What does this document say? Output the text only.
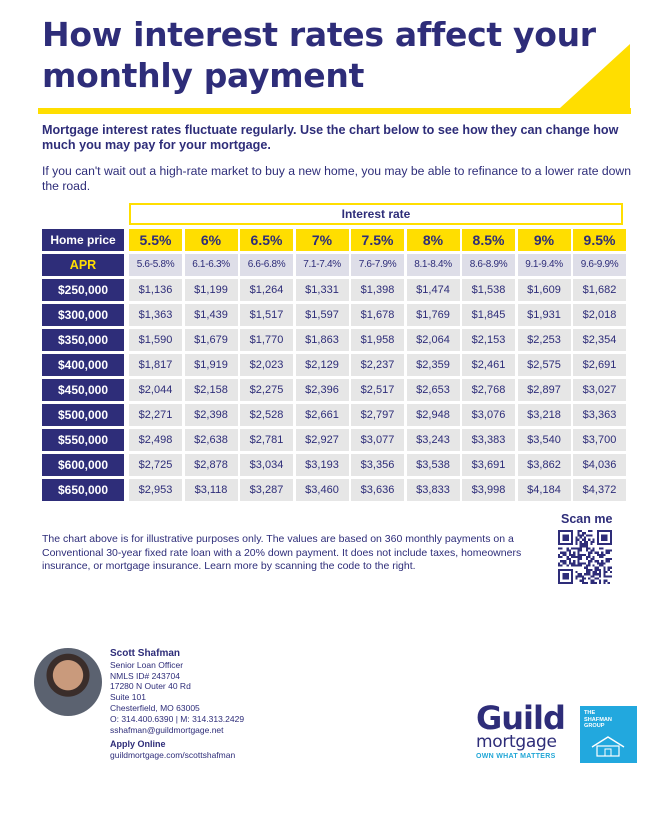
How interest rates affect your monthly payment
Mortgage interest rates fluctuate regularly. Use the chart below to see how they can change how much you may pay for your mortgage.
If you can't wait out a high-rate market to buy a new home, you may be able to refinance to a lower rate down the road.
Interest rate
Home price	5.5%	6%	6.5%	7%	7.5%	8%	8.5%	9%	9.5%
APR	5.6-5.8%	6.1-6.3%	6.6-6.8%	7.1-7.4%	7.6-7.9%	8.1-8.4%	8.6-8.9%	9.1-9.4%	9.6-9.9%
$250,000	$1,136	$1,199	$1,264	$1,331	$1,398	$1,474	$1,538	$1,609	$1,682
$300,000	$1,363	$1,439	$1,517	$1,597	$1,678	$1,769	$1,845	$1,931	$2,018
$350,000	$1,590	$1,679	$1,770	$1,863	$1,958	$2,064	$2,153	$2,253	$2,354
$400,000	$1,817	$1,919	$2,023	$2,129	$2,237	$2,359	$2,461	$2,575	$2,691
$450,000	$2,044	$2,158	$2,275	$2,396	$2,517	$2,653	$2,768	$2,897	$3,027
$500,000	$2,271	$2,398	$2,528	$2,661	$2,797	$2,948	$3,076	$3,218	$3,363
$550,000	$2,498	$2,638	$2,781	$2,927	$3,077	$3,243	$3,383	$3,540	$3,700
$600,000	$2,725	$2,878	$3,034	$3,193	$3,356	$3,538	$3,691	$3,862	$4,036
$650,000	$2,953	$3,118	$3,287	$3,460	$3,636	$3,833	$3,998	$4,184	$4,372
The chart above is for illustrative purposes only. The values are based on 360 monthly payments on a Conventional 30-year fixed rate loan with a 20% down payment. It does not include taxes, homeowners insurance, or mortgage insurance. Learn more by scanning the code to the right.
Scan me
Scott Shafman
Senior Loan Officer
NMLS ID# 243704
17280 N Outer 40 Rd
Suite 101
Chesterfield, MO 63005
O: 314.400.6390 | M: 314.313.2429
sshafman@guildmortgage.net
Apply Online
guildmortgage.com/scottshafman
Guild
mortgage
OWN WHAT MATTERS
THE
SHAFMAN
GROUP
